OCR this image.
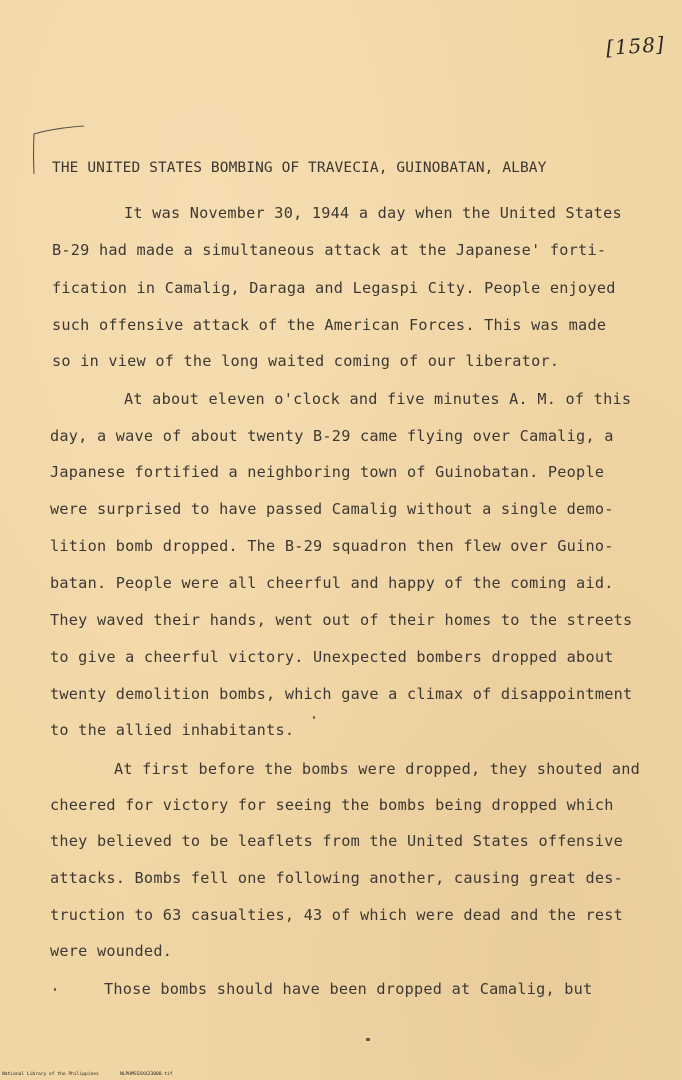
[158]
THE UNITED STATES BOMBING OF TRAVECIA, GUINOBATAN, ALBAY
It was November 30, 1944 a day when the United States
B-29 had made a simultaneous attack at the Japanese' forti-
fication in Camalig, Daraga and Legaspi City. People enjoyed
such offensive attack of the American Forces. This was made
so in view of the long waited coming of our liberator.
At about eleven o'clock and five minutes A. M. of this
day, a wave of about twenty B-29 came flying over Camalig, a
Japanese fortified a neighboring town of Guinobatan. People
were surprised to have passed Camalig without a single demo-
lition bomb dropped. The B-29 squadron then flew over Guino-
batan. People were all cheerful and happy of the coming aid.
They waved their hands, went out of their homes to the streets
to give a cheerful victory. Unexpected bombers dropped about
twenty demolition bombs, which gave a climax of disappointment
to the allied inhabitants.
At first before the bombs were dropped, they shouted and
cheered for victory for seeing the bombs being dropped which
they believed to be leaflets from the United States offensive
attacks. Bombs fell one following another, causing great des-
truction to 63 casualties, 43 of which were dead and the rest
were wounded.
Those bombs should have been dropped at Camalig, but
National Library of the Philippines	NLPHMSSXXX23000.tif
